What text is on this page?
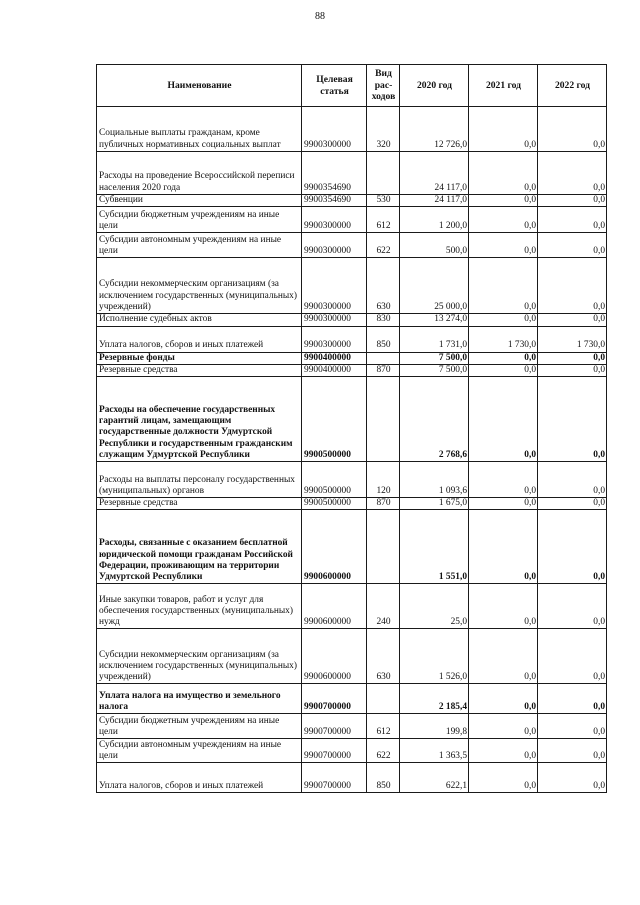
88
Наименование	Целевая статья	Вид рас- ходов	2020 год	2021 год	2022 год
Социальные выплаты гражданам, кроме публичных нормативных социальных выплат	9900300000	320	12 726,0	0,0	0,0
Расходы на проведение Всероссийской переписи населения 2020 года	9900354690		24 117,0	0,0	0,0
Субвенции	9900354690	530	24 117,0	0,0	0,0
Субсидии бюджетным учреждениям на иные цели	9900300000	612	1 200,0	0,0	0,0
Субсидии автономным учреждениям на иные цели	9900300000	622	500,0	0,0	0,0
Субсидии некоммерческим организациям (за исключением государственных (муниципальных) учреждений)	9900300000	630	25 000,0	0,0	0,0
Исполнение судебных актов	9900300000	830	13 274,0	0,0	0,0
Уплата налогов, сборов и иных платежей	9900300000	850	1 731,0	1 730,0	1 730,0
Резервные фонды	9900400000		7 500,0	0,0	0,0
Резервные средства	9900400000	870	7 500,0	0,0	0,0
Расходы на обеспечение государственных гарантий лицам, замещающим государственные должности Удмуртской Республики и государственным гражданским служащим Удмуртской Республики	9900500000		2 768,6	0,0	0,0
Расходы на выплаты персоналу государственных (муниципальных) органов	9900500000	120	1 093,6	0,0	0,0
Резервные средства	9900500000	870	1 675,0	0,0	0,0
Расходы, связанные с оказанием бесплатной юридической помощи гражданам Российской Федерации, проживающим на территории Удмуртской Республики	9900600000		1 551,0	0,0	0,0
Иные закупки товаров, работ и услуг для обеспечения государственных (муниципальных) нужд	9900600000	240	25,0	0,0	0,0
Субсидии некоммерческим организациям (за исключением государственных (муниципальных) учреждений)	9900600000	630	1 526,0	0,0	0,0
Уплата налога на имущество и земельного налога	9900700000		2 185,4	0,0	0,0
Субсидии бюджетным учреждениям на иные цели	9900700000	612	199,8	0,0	0,0
Субсидии автономным учреждениям на иные цели	9900700000	622	1 363,5	0,0	0,0
Уплата налогов, сборов и иных платежей	9900700000	850	622,1	0,0	0,0
